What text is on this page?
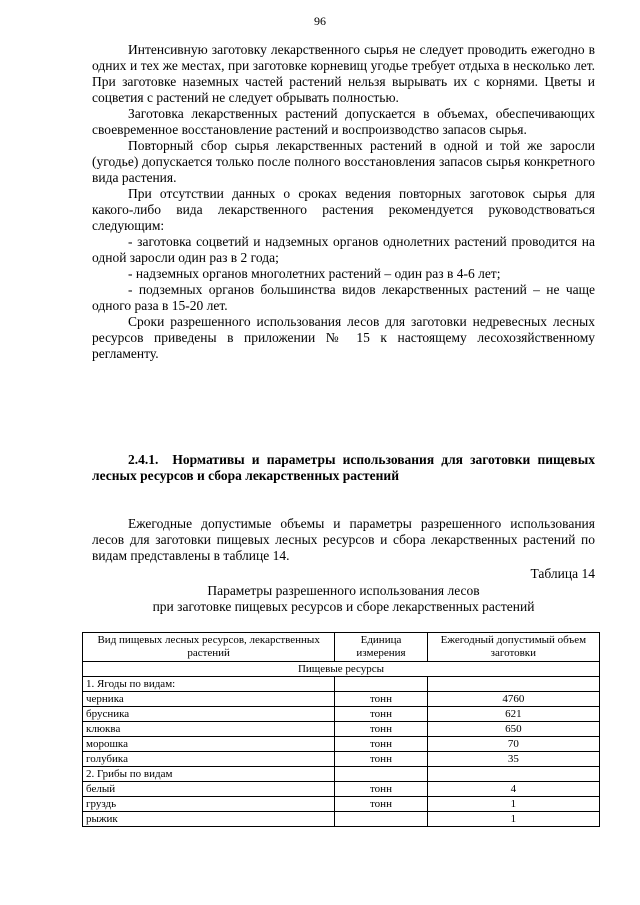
96

Интенсивную заготовку лекарственного сырья не следует проводить ежегодно в одних и тех же местах, при заготовке корневищ угодье требует отдыха в несколько лет. При заготовке наземных частей растений нельзя вырывать их с корнями. Цветы и соцветия с растений не следует обрывать полностью.

Заготовка лекарственных растений допускается в объемах, обеспечивающих своевременное восстановление растений и воспроизводство запасов сырья.

Повторный сбор сырья лекарственных растений в одной и той же заросли (угодье) допускается только после полного восстановления запасов сырья конкретного вида растения.

При отсутствии данных о сроках ведения повторных заготовок сырья для какого-либо вида лекарственного растения рекомендуется руководствоваться следующим:

- заготовка соцветий и надземных органов однолетних растений проводится на одной заросли один раз в 2 года;

- надземных органов многолетних растений – один раз в 4-6 лет;

- подземных органов большинства видов лекарственных растений – не чаще одного раза в 15-20 лет.

Сроки разрешенного использования лесов для заготовки недревесных лесных ресурсов приведены в приложении № 15 к настоящему лесохозяйственному регламенту.

2.4.1. Нормативы и параметры использования для заготовки пищевых лесных ресурсов и сбора лекарственных растений

Ежегодные допустимые объемы и параметры разрешенного использования лесов для заготовки пищевых лесных ресурсов и сбора лекарственных растений по видам представлены в таблице 14.

Таблица 14
Параметры разрешенного использования лесов
при заготовке пищевых ресурсов и сборе лекарственных растений
Вид пищевых лесных ресурсов, лекарственных растений	Единица измерения	Ежегодный допустимый объем заготовки
Пищевые ресурсы		
1. Ягоды по видам:		
черника	тонн	4760
брусника	тонн	621
клюква	тонн	650
морошка	тонн	70
голубика	тонн	35
2. Грибы по видам		
белый	тонн	4
груздь	тонн	1
рыжик		1
